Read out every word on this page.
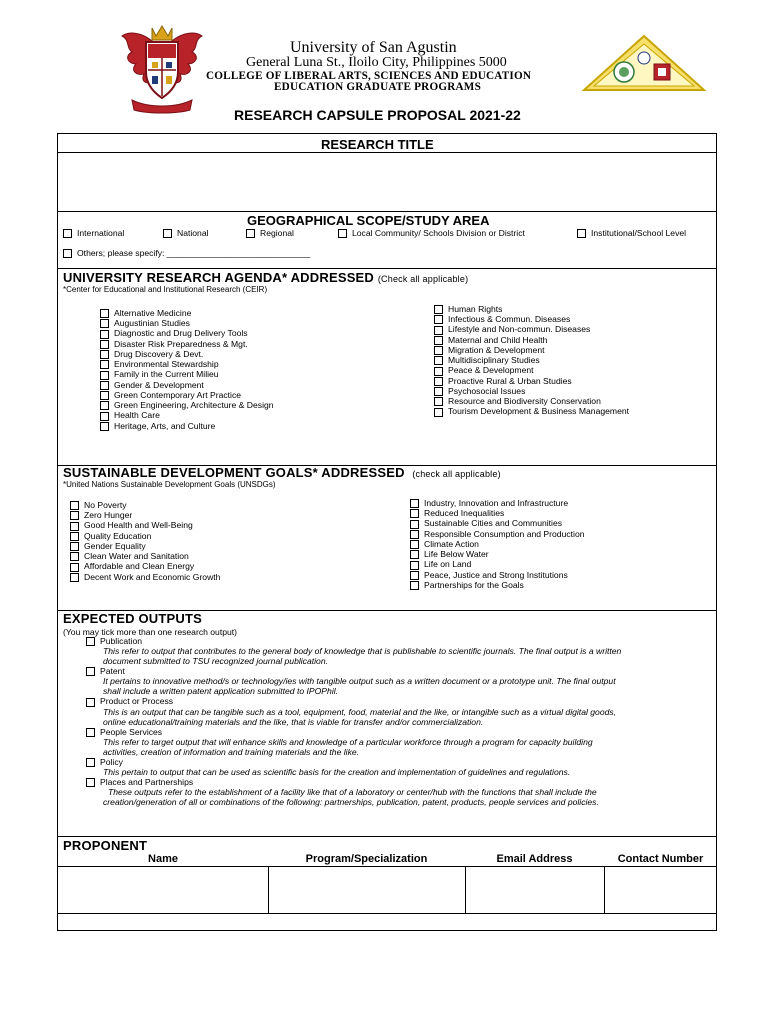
University of San Agustin
General Luna St., Iloilo City, Philippines 5000
COLLEGE OF LIBERAL ARTS, SCIENCES AND EDUCATION
EDUCATION GRADUATE PROGRAMS
RESEARCH CAPSULE PROPOSAL 2021-22
RESEARCH TITLE
GEOGRAPHICAL SCOPE/STUDY AREA
International	National	Regional	Local Community/ Schools Division or District	Institutional/School Level
Others; please specify: ______________________________
UNIVERSITY RESEARCH AGENDA* ADDRESSED (Check all applicable)
*Center for Educational and Institutional Research (CEIR)
Alternative Medicine
Augustinian Studies
Diagnostic and Drug Delivery Tools
Disaster Risk Preparedness & Mgt.
Drug Discovery & Devt.
Environmental Stewardship
Family in the Current Milieu
Gender & Development
Green Contemporary Art Practice
Green Engineering, Architecture & Design
Health Care
Heritage, Arts, and Culture
Human Rights
Infectious & Commun. Diseases
Lifestyle and Non-commun. Diseases
Maternal and Child Health
Migration & Development
Multidisciplinary Studies
Peace & Development
Proactive Rural & Urban Studies
Psychosocial Issues
Resource and Biodiversity Conservation
Tourism Development & Business Management
SUSTAINABLE DEVELOPMENT GOALS* ADDRESSED (check all applicable)
*United Nations Sustainable Development Goals (UNSDGs)
No Poverty
Zero Hunger
Good Health and Well-Being
Quality Education
Gender Equality
Clean Water and Sanitation
Affordable and Clean Energy
Decent Work and Economic Growth
Industry, Innovation and Infrastructure
Reduced Inequalities
Sustainable Cities and Communities
Responsible Consumption and Production
Climate Action
Life Below Water
Life on Land
Peace, Justice and Strong Institutions
Partnerships for the Goals
EXPECTED OUTPUTS
(You may tick more than one research output)
Publication
This refer to output that contributes to the general body of knowledge that is publishable to scientific journals. The final output is a written
document submitted to TSU recognized journal publication.
Patent
It pertains to innovative method/s or technology/ies with tangible output such as a written document or a prototype unit. The final output
shall include a written patent application submitted to IPOPhil.
Product or Process
This is an output that can be tangible such as a tool, equipment, food, material and the like, or intangible such as a virtual digital goods,
online educational/training materials and the like, that is viable for transfer and/or commercialization.
People Services
This refer to target output that will enhance skills and knowledge of a particular workforce through a program for capacity building
activities, creation of information and training materials and the like.
Policy
This pertain to output that can be used as scientific basis for the creation and implementation of guidelines and regulations.
Places and Partnerships
These outputs refer to the establishment of a facility like that of a laboratory or center/hub with the functions that shall include the
creation/generation of all or combinations of the following: partnerships, publication, patent, products, people services and policies.
PROPONENT
Name	Program/Specialization	Email Address	Contact Number
